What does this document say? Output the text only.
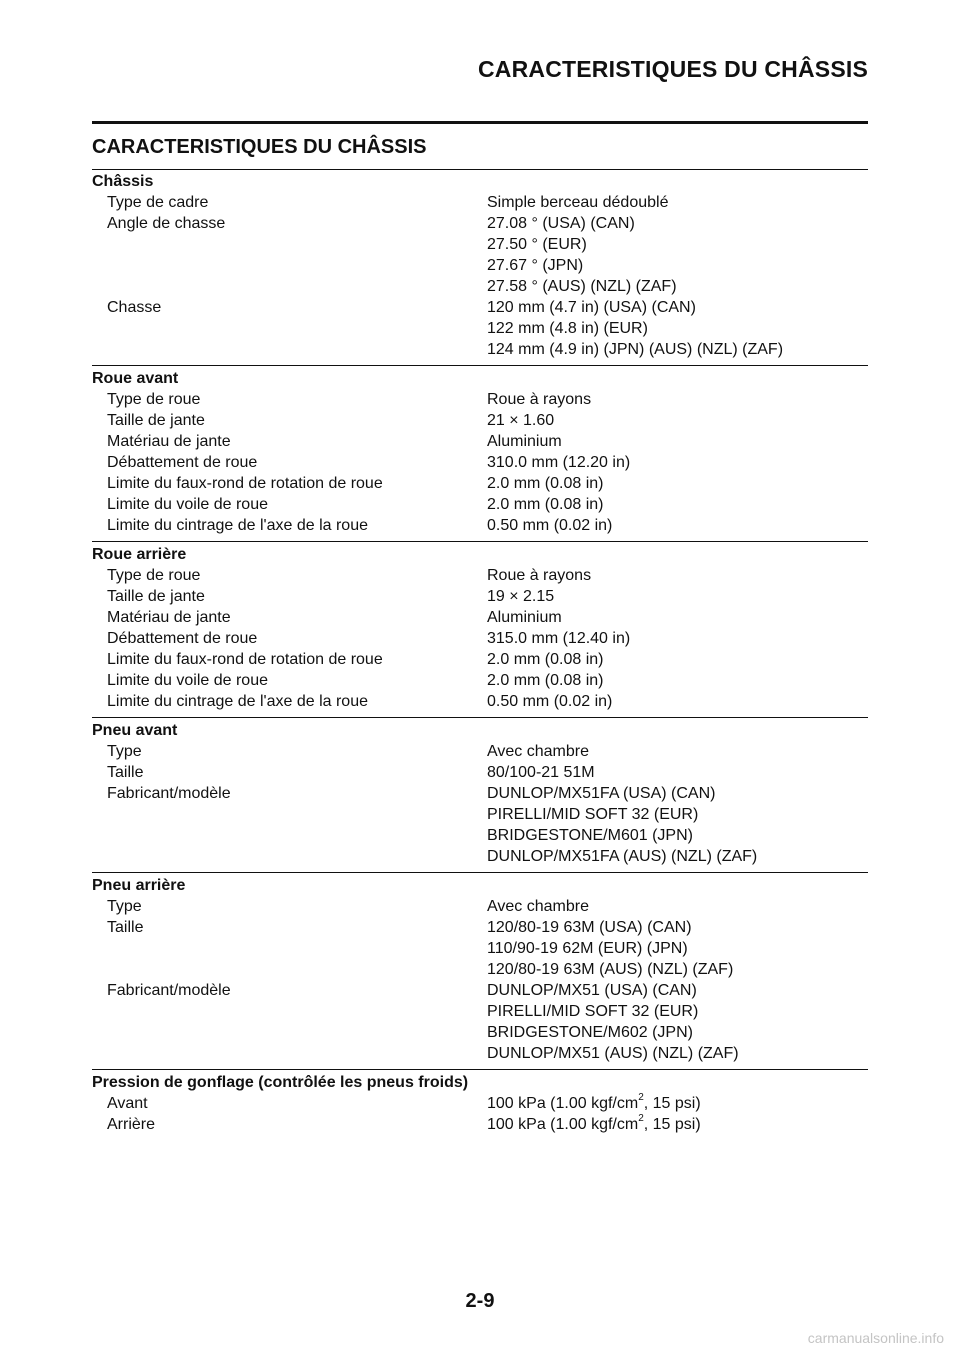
CARACTERISTIQUES DU CHÂSSIS
CARACTERISTIQUES DU CHÂSSIS
Châssis
Type de cadre	Simple berceau dédoublé
Angle de chasse	27.08 ° (USA) (CAN)
27.50 ° (EUR)
27.67 ° (JPN)
27.58 ° (AUS) (NZL) (ZAF)
Chasse	120 mm (4.7 in) (USA) (CAN)
122 mm (4.8 in) (EUR)
124 mm (4.9 in) (JPN) (AUS) (NZL) (ZAF)
Roue avant
Type de roue	Roue à rayons
Taille de jante	21 × 1.60
Matériau de jante	Aluminium
Débattement de roue	310.0 mm (12.20 in)
Limite du faux-rond de rotation de roue	2.0 mm (0.08 in)
Limite du voile de roue	2.0 mm (0.08 in)
Limite du cintrage de l'axe de la roue	0.50 mm (0.02 in)
Roue arrière
Type de roue	Roue à rayons
Taille de jante	19 × 2.15
Matériau de jante	Aluminium
Débattement de roue	315.0 mm (12.40 in)
Limite du faux-rond de rotation de roue	2.0 mm (0.08 in)
Limite du voile de roue	2.0 mm (0.08 in)
Limite du cintrage de l'axe de la roue	0.50 mm (0.02 in)
Pneu avant
Type	Avec chambre
Taille	80/100-21 51M
Fabricant/modèle	DUNLOP/MX51FA (USA) (CAN)
PIRELLI/MID SOFT 32 (EUR)
BRIDGESTONE/M601 (JPN)
DUNLOP/MX51FA (AUS) (NZL) (ZAF)
Pneu arrière
Type	Avec chambre
Taille	120/80-19 63M (USA) (CAN)
110/90-19 62M (EUR) (JPN)
120/80-19 63M (AUS) (NZL) (ZAF)
Fabricant/modèle	DUNLOP/MX51 (USA) (CAN)
PIRELLI/MID SOFT 32 (EUR)
BRIDGESTONE/M602 (JPN)
DUNLOP/MX51 (AUS) (NZL) (ZAF)
Pression de gonflage (contrôlée les pneus froids)
Avant	100 kPa (1.00 kgf/$cm^2$, 15 psi)
Arrière	100 kPa (1.00 kgf/$cm^2$, 15 psi)
2-9
carmanualsonline.info
